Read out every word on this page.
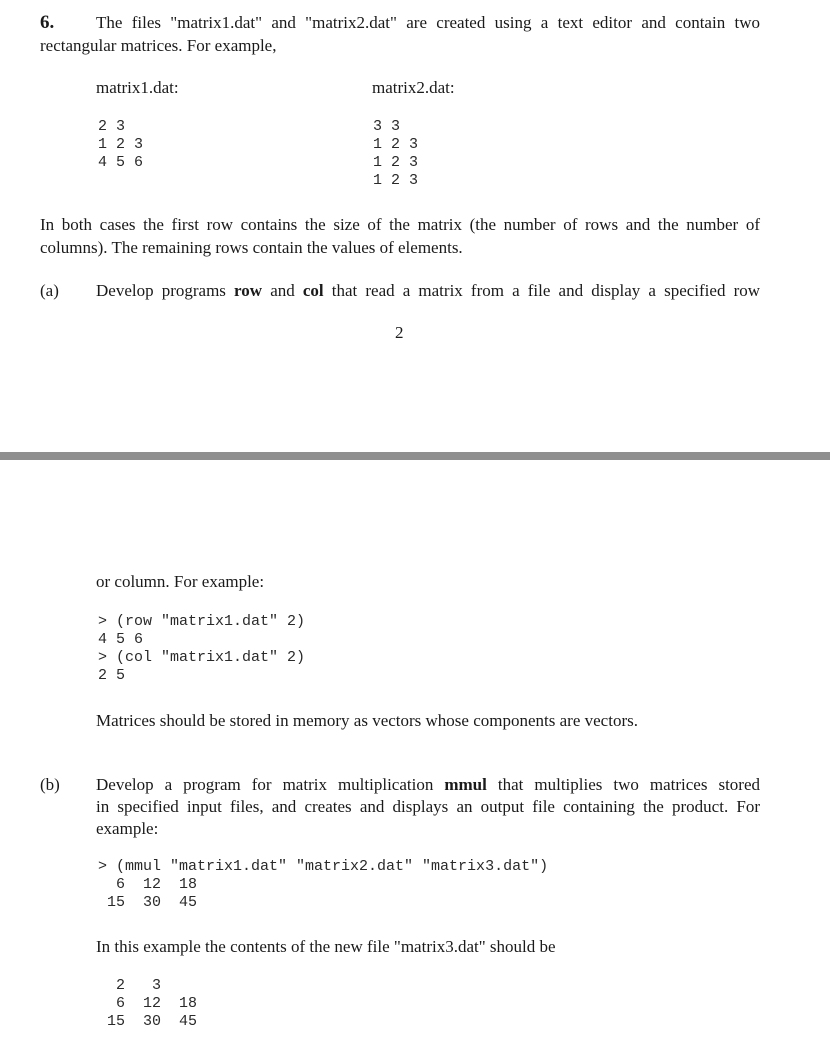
6. The files "matrix1.dat" and "matrix2.dat" are created using a text editor and contain two
rectangular matrices. For example,
matrix1.dat:
2 3
1 2 3
4 5 6
matrix2.dat:
3 3
1 2 3
1 2 3
1 2 3
In both cases the first row contains the size of the matrix (the number of rows and the number of
columns). The remaining rows contain the values of elements.
(a) Develop programs row and col that read a matrix from a file and display a specified row
2
or column. For example:
> (row "matrix1.dat" 2)
4 5 6
> (col "matrix1.dat" 2)
2 5
Matrices should be stored in memory as vectors whose components are vectors.
(b) Develop a program for matrix multiplication mmul that multiplies two matrices stored
in specified input files, and creates and displays an output file containing the product. For
example:
> (mmul "matrix1.dat" "matrix2.dat" "matrix3.dat")
6  12  18
15  30  45
In this example the contents of the new file "matrix3.dat" should be
2   3
6  12  18
15  30  45
